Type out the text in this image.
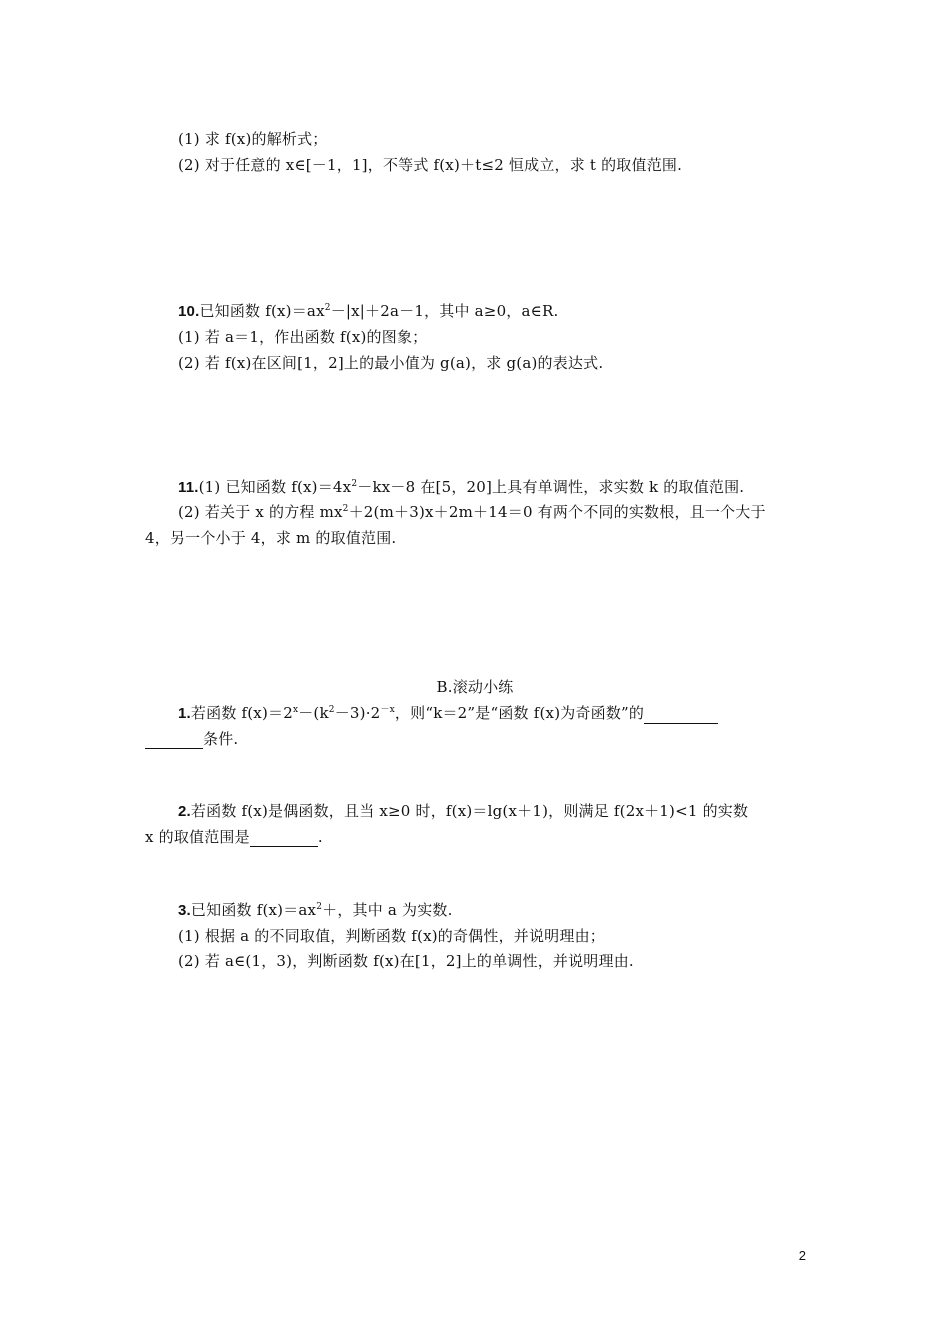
(1) 求 f(x)的解析式；
(2) 对于任意的 x∈[－1，1]，不等式 f(x)＋t≤2 恒成立，求 t 的取值范围.
10.已知函数 $f(x)=ax^2-|x|+2a-1$，其中 a≥0，a∈R.
(1) 若 a＝1，作出函数 f(x)的图象；
(2) 若 f(x)在区间[1，2]上的最小值为 g(a)，求 g(a)的表达式.
11.(1) 已知函数 $f(x)=4x^2-kx-8$ 在[5，20]上具有单调性，求实数 k 的取值范围.
(2) 若关于 x 的方程 $mx^2+2(m+3)x+2m+14=0$ 有两个不同的实数根，且一个大于
4，另一个小于 4，求 m 的取值范围.
B.滚动小练
1.若函数 $f(x)=2^x-(k^2-3)\cdot 2^{-x}$，则“k＝2”是“函数 f(x)为奇函数”的
条件.
2.若函数 f(x)是偶函数，且当 x≥0 时，f(x)＝lg(x＋1)，则满足 f(2x＋1)<1 的实数
x 的取值范围是	.
3.已知函数 $f(x)=ax^2+$，其中 a 为实数.
(1) 根据 a 的不同取值，判断函数 f(x)的奇偶性，并说明理由；
(2) 若 a∈(1，3)，判断函数 f(x)在[1，2]上的单调性，并说明理由.
2
